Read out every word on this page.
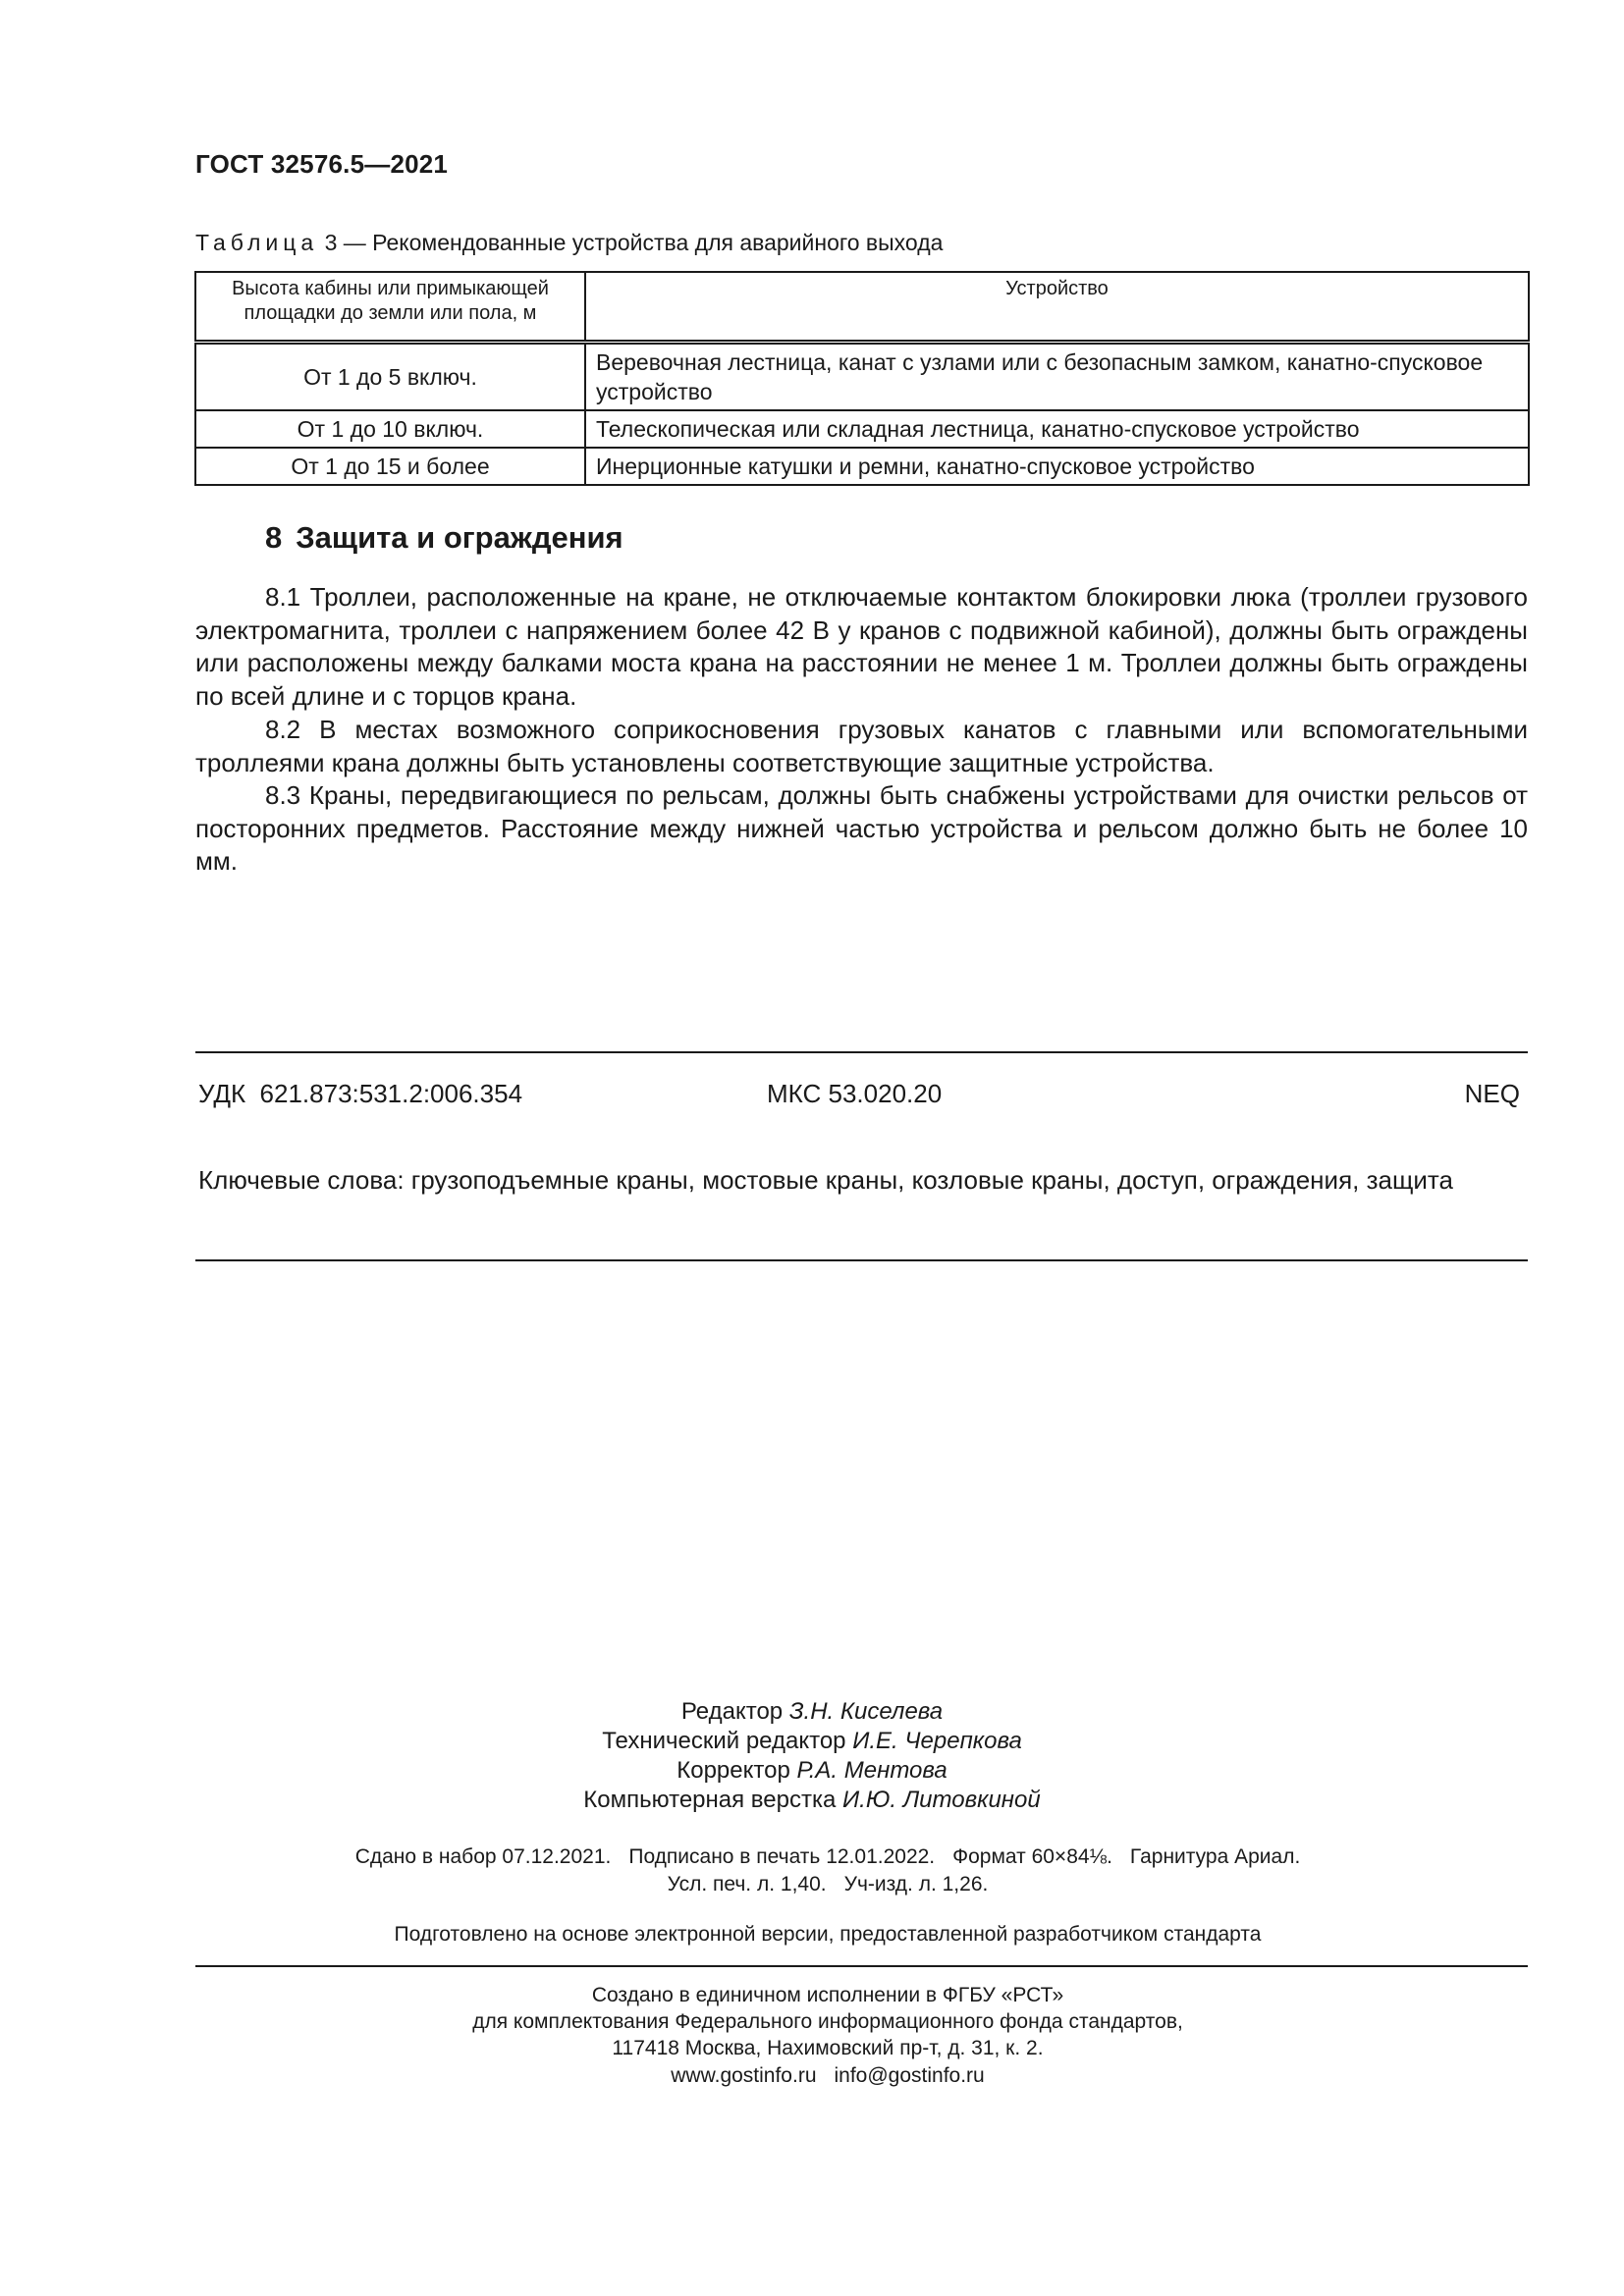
ГОСТ 32576.5—2021
Таблица 3 — Рекомендованные устройства для аварийного выхода
Высота кабины или примыкающей площадки до земли или пола, м	Устройство
От 1 до 5 включ.	Веревочная лестница, канат с узлами или с безопасным замком, канатно-спусковое устройство
От 1 до 10 включ.	Телескопическая или складная лестница, канатно-спусковое устройство
От 1 до 15 и более	Инерционные катушки и ремни, канатно-спусковое устройство
8 Защита и ограждения
8.1 Троллеи, расположенные на кране, не отключаемые контактом блокировки люка (троллеи грузового электромагнита, троллеи с напряжением более 42 В у кранов с подвижной кабиной), должны быть ограждены или расположены между балками моста крана на расстоянии не менее 1 м. Троллеи должны быть ограждены по всей длине и с торцов крана.
8.2 В местах возможного соприкосновения грузовых канатов с главными или вспомогательными троллеями крана должны быть установлены соответствующие защитные устройства.
8.3 Краны, передвигающиеся по рельсам, должны быть снабжены устройствами для очистки рельсов от посторонних предметов. Расстояние между нижней частью устройства и рельсом должно быть не более 10 мм.
УДК  621.873:531.2:006.354	МКС 53.020.20	NEQ
Ключевые слова: грузоподъемные краны, мостовые краны, козловые краны, доступ, ограждения, защита
Редактор З.Н. Киселева
Технический редактор И.Е. Черепкова
Корректор Р.А. Ментова
Компьютерная верстка И.Ю. Литовкиной
Сдано в набор 07.12.2021. Подписано в печать 12.01.2022. Формат 60×84⅛. Гарнитура Ариал.
Усл. печ. л. 1,40. Уч-изд. л. 1,26.
Подготовлено на основе электронной версии, предоставленной разработчиком стандарта
Создано в единичном исполнении в ФГБУ «РСТ»
для комплектования Федерального информационного фонда стандартов,
117418 Москва, Нахимовский пр-т, д. 31, к. 2.
www.gostinfo.ru info@gostinfo.ru
